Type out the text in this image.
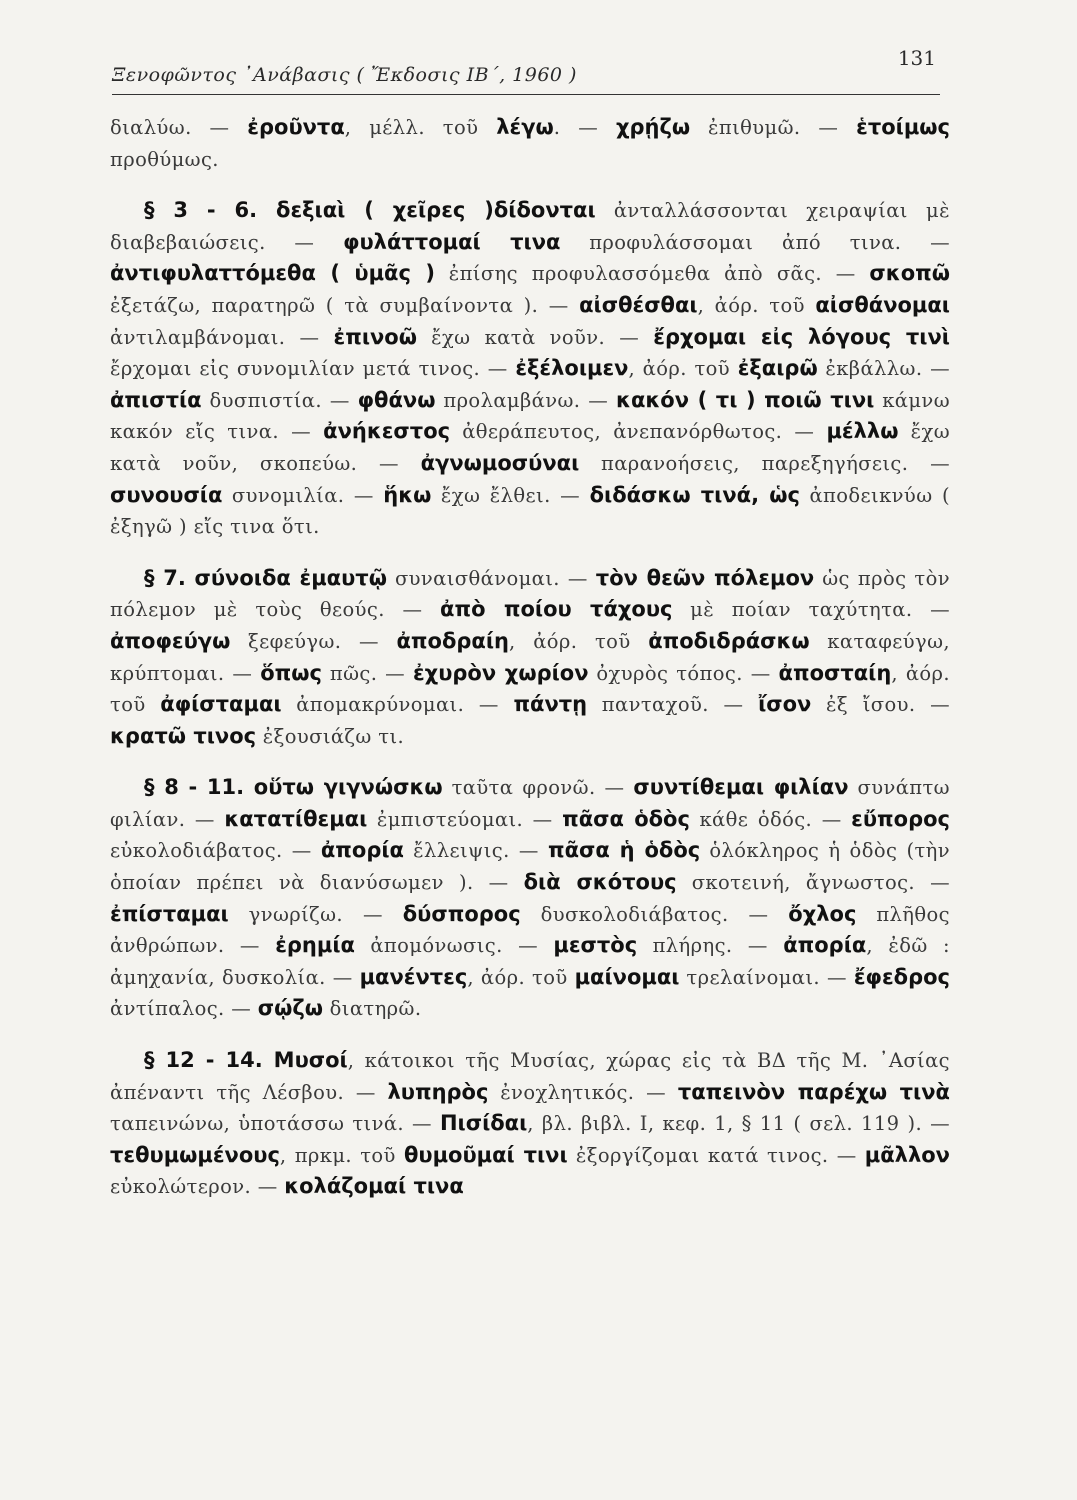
Ξενοφῶντος ᾿Ανάβασις ( Ἔκδοσις ΙΒ΄, 1960 )
131

διαλύω. — ἐροῦντα, μέλλ. τοῦ λέγω. — χρῄζω ἐπιθυμῶ. — ἑτοίμως προθύμως.

§ 3 - 6. δεξιαὶ ( χεῖρες )δίδονται ἀνταλλάσσονται χειραψίαι μὲ διαβεβαιώσεις. — φυλάττομαί τινα προφυλάσσομαι ἀπό τινα. — ἀντιφυλαττόμεθα ( ὑμᾶς ) ἐπίσης προφυλασσόμεθα ἀπὸ σᾶς. — σκοπῶ ἐξετάζω, παρατηρῶ ( τὰ συμβαίνοντα ). — αἰσθέσθαι, ἀόρ. τοῦ αἰσθάνομαι ἀντιλαμβάνομαι. — ἐπινοῶ ἔχω κατὰ νοῦν. — ἔρχομαι εἰς λόγους τινὶ ἔρχομαι εἰς συνομιλίαν μετά τινος. — ἐξέλοιμεν, ἀόρ. τοῦ ἐξαιρῶ ἐκβάλλω. — ἀπιστία δυσπιστία. — φθάνω προλαμβάνω. — κακόν ( τι ) ποιῶ τινι κάμνω κακόν εἴς τινα. — ἀνήκεστος ἀθεράπευτος, ἀνεπανόρθωτος. — μέλλω ἔχω κατὰ νοῦν, σκοπεύω. — ἀγνωμοσύναι παρανοήσεις, παρεξηγήσεις. — συνουσία συνομιλία. — ἥκω ἔχω ἔλθει. — διδάσκω τινά, ὡς ἀποδεικνύω ( ἐξηγῶ ) εἴς τινα ὅτι.

§ 7. σύνοιδα ἐμαυτῷ συναισθάνομαι. — τὸν θεῶν πόλεμον ὡς πρὸς τὸν πόλεμον μὲ τοὺς θεούς. — ἀπὸ ποίου τάχους μὲ ποίαν ταχύτητα. — ἀποφεύγω ξεφεύγω. — ἀποδραίη, ἀόρ. τοῦ ἀποδιδράσκω καταφεύγω, κρύπτομαι. — ὅπως πῶς. — ἐχυρὸν χωρίον ὀχυρὸς τόπος. — ἀποσταίη, ἀόρ. τοῦ ἀφίσταμαι ἀπομακρύνομαι. — πάντῃ πανταχοῦ. — ἴσον ἐξ ἴσου. — κρατῶ τινος ἐξουσιάζω τι.

§ 8 - 11. οὕτω γιγνώσκω ταῦτα φρονῶ. — συντίθεμαι φιλίαν συνάπτω φιλίαν. — κατατίθεμαι ἐμπιστεύομαι. — πᾶσα ὁδὸς κάθε ὁδός. — εὔπορος εὐκολοδιάβατος. — ἀπορία ἔλλειψις. — πᾶσα ἡ ὁδὸς ὁλόκληρος ἡ ὁδὸς (τὴν ὁποίαν πρέπει νὰ διανύσωμεν ). — διὰ σκότους σκοτεινή, ἄγνωστος. — ἐπίσταμαι γνωρίζω. — δύσπορος δυσκολοδιάβατος. — ὄχλος πλῆθος ἀνθρώπων. — ἐρημία ἀπομόνωσις. — μεστὸς πλήρης. — ἀπορία, ἐδῶ : ἀμηχανία, δυσκολία. — μανέντες, ἀόρ. τοῦ μαίνομαι τρελαίνομαι. — ἔφεδρος ἀντίπαλος. — σῴζω διατηρῶ.

§ 12 - 14. Μυσοί, κάτοικοι τῆς Μυσίας, χώρας εἰς τὰ ΒΔ τῆς Μ. ᾿Ασίας ἀπέναντι τῆς Λέσβου. — λυπηρὸς ἐνοχλητικός. — ταπεινὸν παρέχω τινὰ ταπεινώνω, ὑποτάσσω τινά. — Πισίδαι, βλ. βιβλ. Ι, κεφ. 1, § 11 ( σελ. 119 ). — τεθυμωμένους, πρκμ. τοῦ θυμοῦμαί τινι ἐξοργίζομαι κατά τινος. — μᾶλλον εὐκολώτερον. — κολάζομαί τινα
